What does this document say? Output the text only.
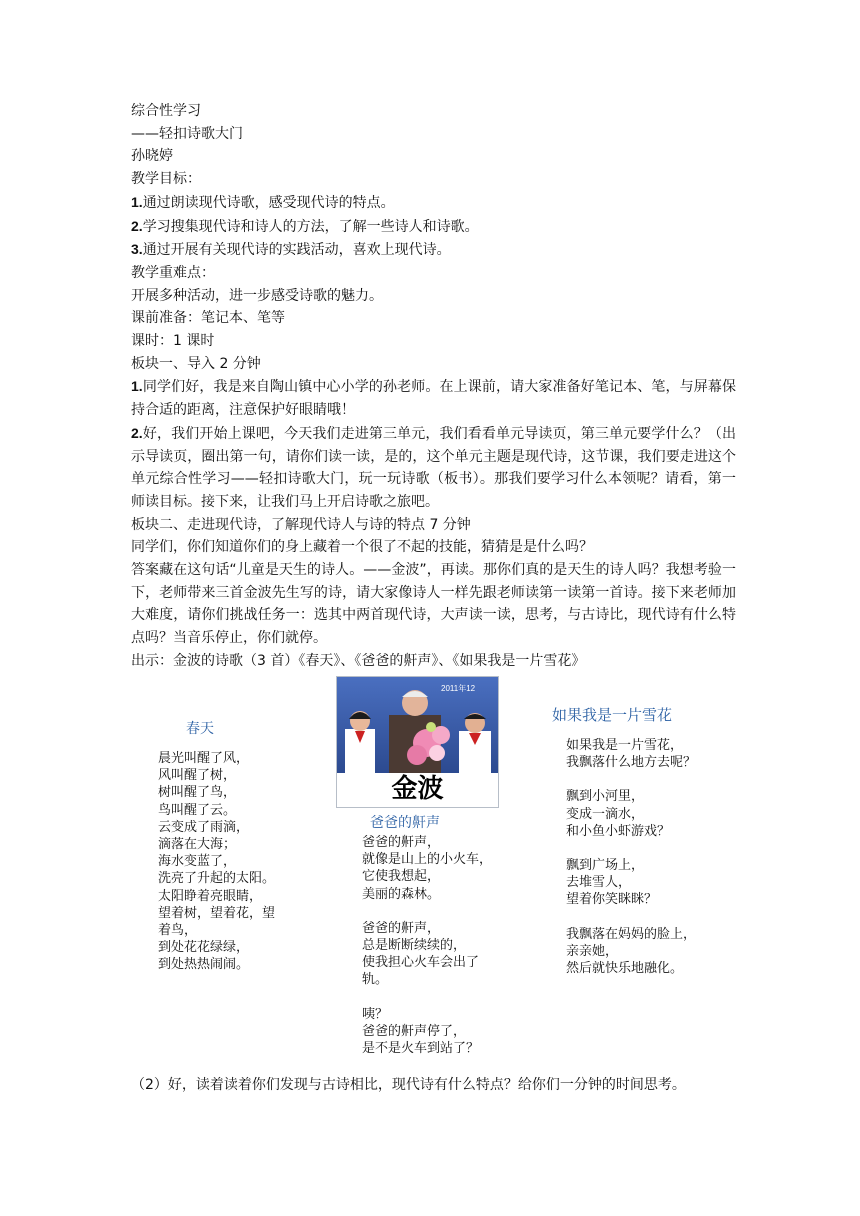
综合性学习

——轻扣诗歌大门

孙晓婷

教学目标：

1.通过朗读现代诗歌，感受现代诗的特点。

2.学习搜集现代诗和诗人的方法，了解一些诗人和诗歌。

3.通过开展有关现代诗的实践活动，喜欢上现代诗。

教学重难点：

开展多种活动，进一步感受诗歌的魅力。

课前准备：笔记本、笔等

课时：1 课时

板块一、导入 2 分钟

1.同学们好，我是来自陶山镇中心小学的孙老师。在上课前，请大家准备好笔记本、笔，与屏幕保持合适的距离，注意保护好眼睛哦！

2.好，我们开始上课吧，今天我们走进第三单元，我们看看单元导读页，第三单元要学什么？（出示导读页，圈出第一句，请你们读一读，是的，这个单元主题是现代诗，这节课，我们要走进这个单元综合性学习——轻扣诗歌大门，玩一玩诗歌（板书）。那我们要学习什么本领呢？请看，第一师读目标。接下来，让我们马上开启诗歌之旅吧。

板块二、走进现代诗，了解现代诗人与诗的特点 7 分钟

同学们，你们知道你们的身上藏着一个很了不起的技能，猜猜是是什么吗？

答案藏在这句话“儿童是天生的诗人。——金波”，再读。那你们真的是天生的诗人吗？我想考验一下，老师带来三首金波先生写的诗，请大家像诗人一样先跟老师读第一读第一首诗。接下来老师加大难度，请你们挑战任务一：选其中两首现代诗，大声读一读，思考，与古诗比，现代诗有什么特点吗？当音乐停止，你们就停。

出示：金波的诗歌（3 首）《春天》、《爸爸的鼾声》、《如果我是一片雪花》

春天

晨光叫醒了风，

风叫醒了树，

树叫醒了鸟，

鸟叫醒了云。

云变成了雨滴，

滴落在大海；

海水变蓝了，

洗亮了升起的太阳。

太阳睁着亮眼睛，

望着树，望着花，望

着鸟，

到处花花绿绿，

到处热热闹闹。

2011年12
金波
爸爸的鼾声

爸爸的鼾声，

就像是山上的小火车，

它使我想起，

美丽的森林。

爸爸的鼾声，

总是断断续续的，

使我担心火车会出了

轨。

咦？

爸爸的鼾声停了，

是不是火车到站了？

如果我是一片雪花

如果我是一片雪花，

我飘落什么地方去呢？

飘到小河里，

变成一滴水，

和小鱼小虾游戏？

飘到广场上，

去堆雪人，

望着你笑眯眯？

我飘落在妈妈的脸上，

亲亲她，

然后就快乐地融化。

（2）好，读着读着你们发现与古诗相比，现代诗有什么特点？给你们一分钟的时间思考。
